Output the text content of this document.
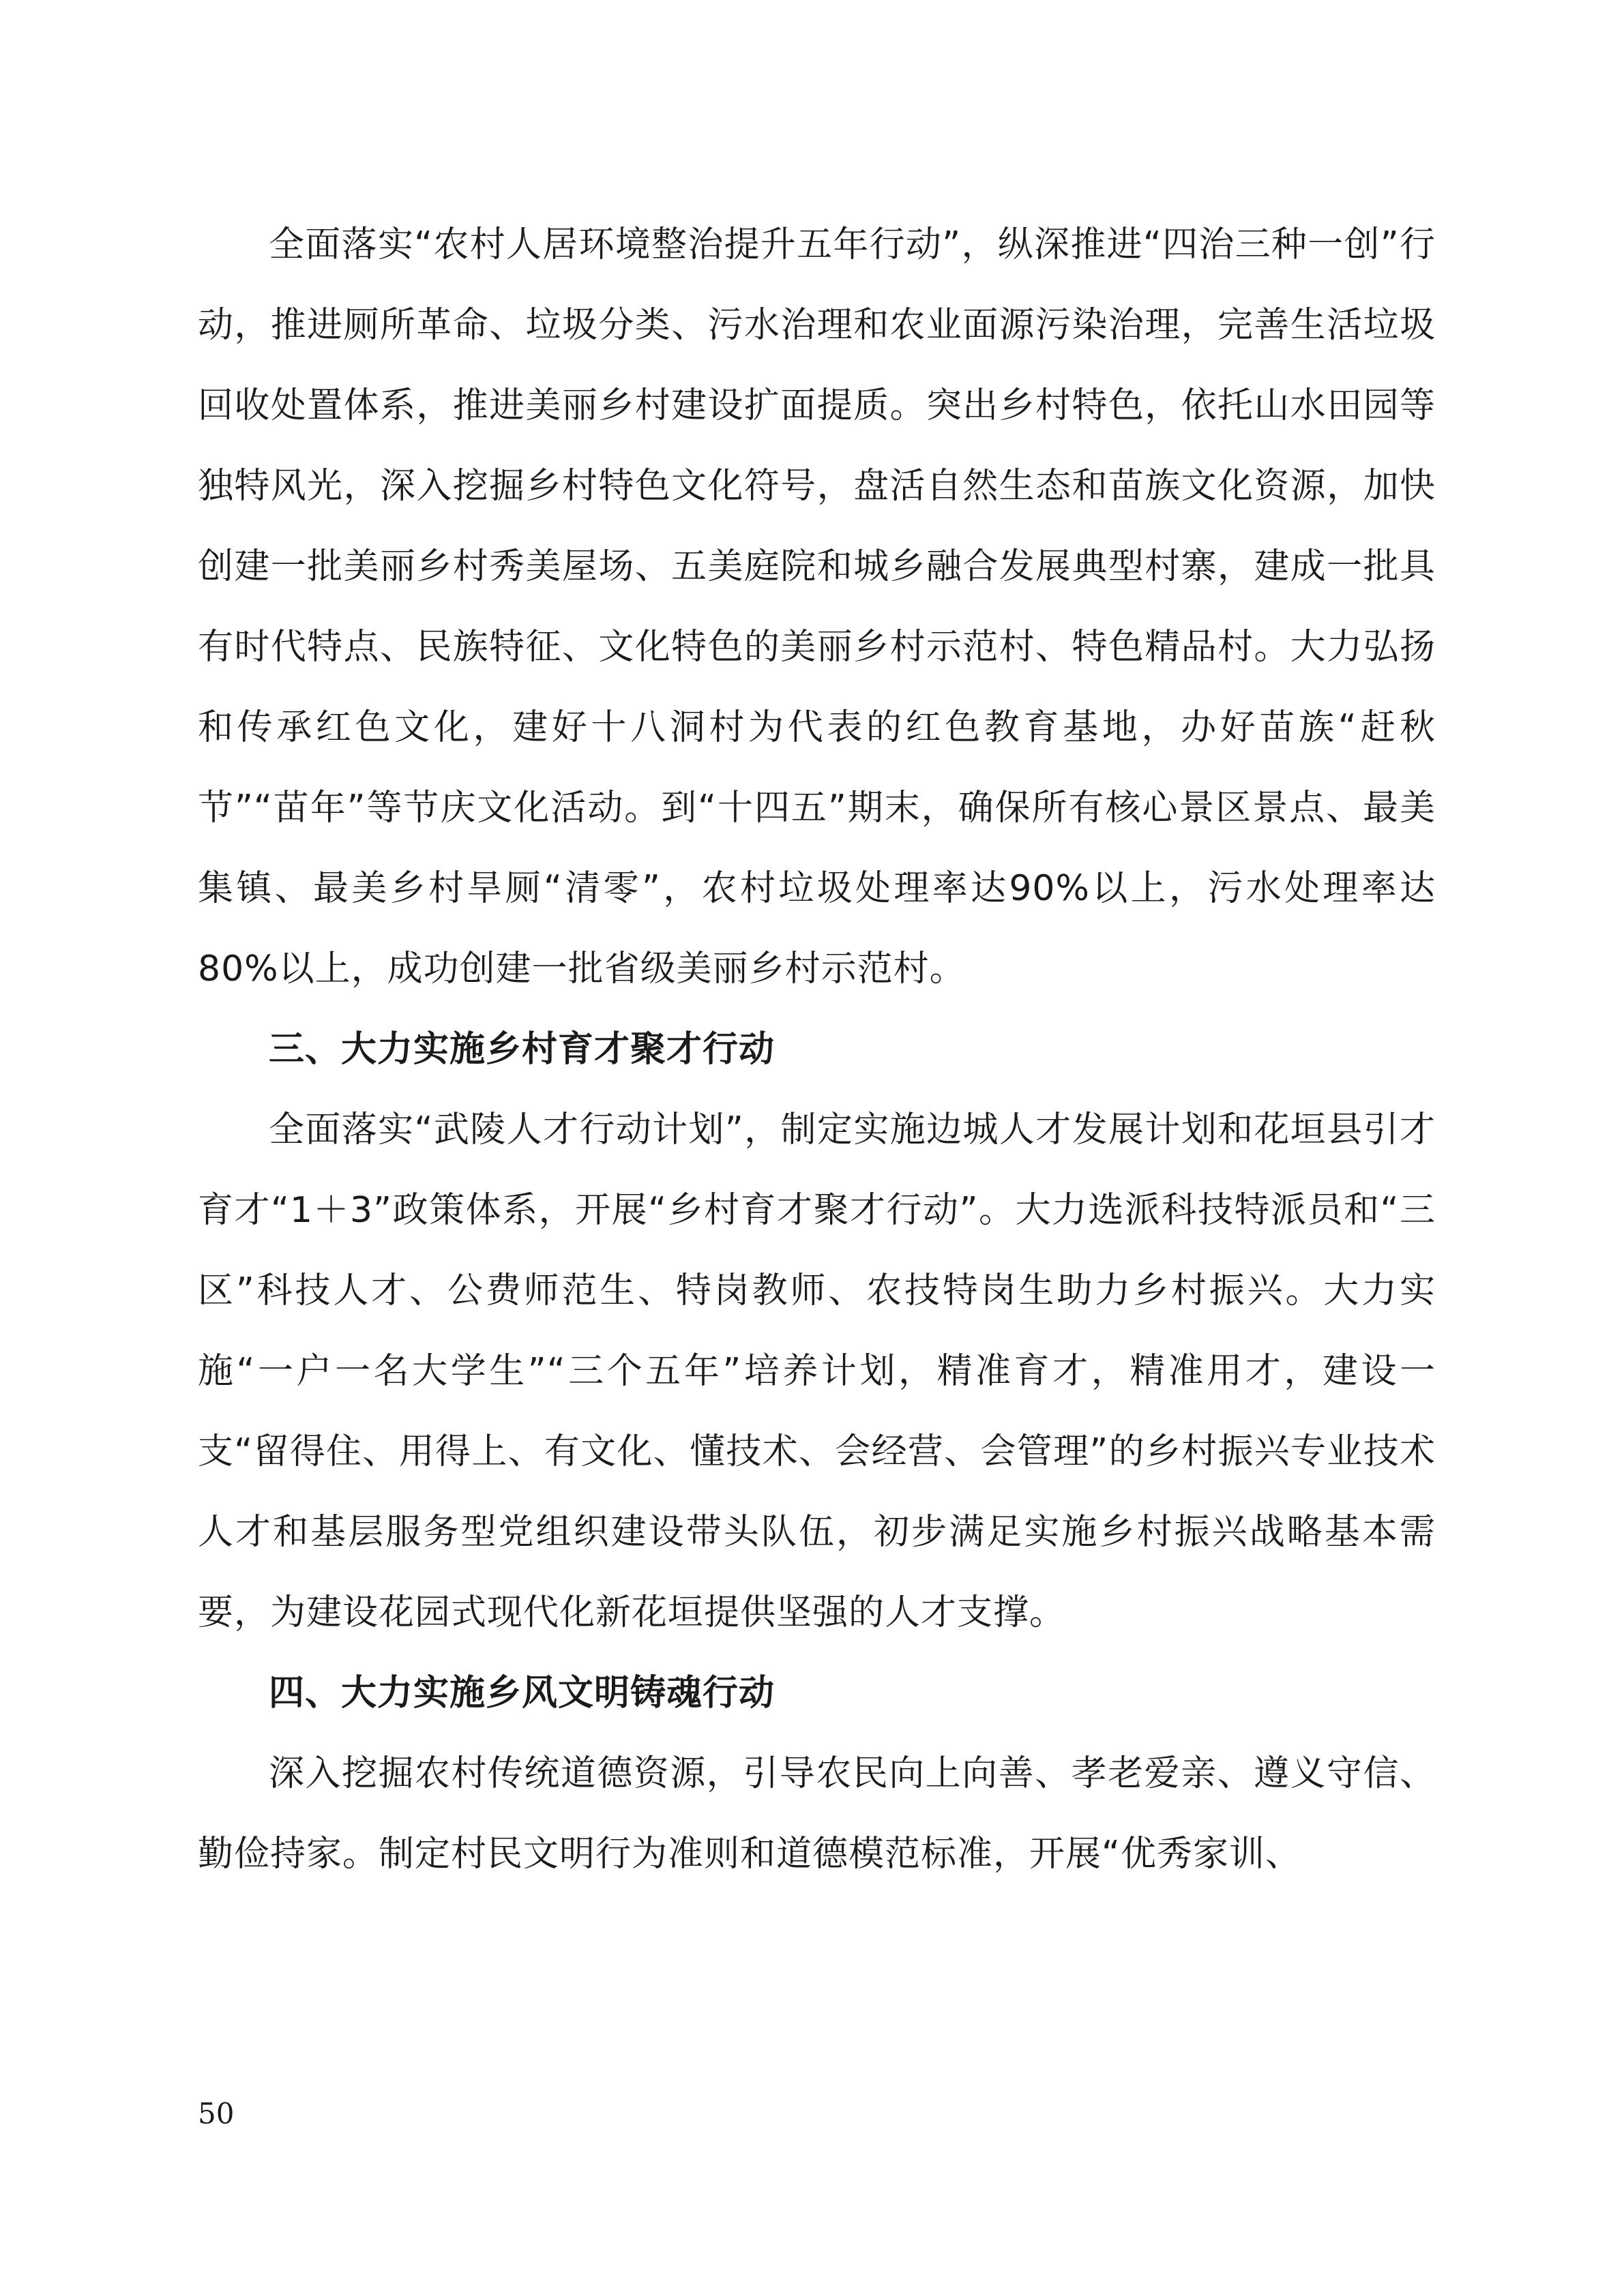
全面落实“农村人居环境整治提升五年行动”，纵深推进“四治三种一创”行动，推进厕所革命、垃圾分类、污水治理和农业面源污染治理，完善生活垃圾回收处置体系，推进美丽乡村建设扩面提质。突出乡村特色，依托山水田园等独特风光，深入挖掘乡村特色文化符号，盘活自然生态和苗族文化资源，加快创建一批美丽乡村秀美屋场、五美庭院和城乡融合发展典型村寨，建成一批具有时代特点、民族特征、文化特色的美丽乡村示范村、特色精品村。大力弘扬和传承红色文化，建好十八洞村为代表的红色教育基地，办好苗族“赶秋节”“苗年”等节庆文化活动。到“十四五”期末，确保所有核心景区景点、最美集镇、最美乡村旱厕“清零”，农村垃圾处理率达90%以上，污水处理率达80%以上，成功创建一批省级美丽乡村示范村。

三、大力实施乡村育才聚才行动

全面落实“武陵人才行动计划”，制定实施边城人才发展计划和花垣县引才育才“1＋3”政策体系，开展“乡村育才聚才行动”。大力选派科技特派员和“三区”科技人才、公费师范生、特岗教师、农技特岗生助力乡村振兴。大力实施“一户一名大学生”“三个五年”培养计划，精准育才，精准用才，建设一支“留得住、用得上、有文化、懂技术、会经营、会管理”的乡村振兴专业技术人才和基层服务型党组织建设带头队伍，初步满足实施乡村振兴战略基本需要，为建设花园式现代化新花垣提供坚强的人才支撑。

四、大力实施乡风文明铸魂行动

深入挖掘农村传统道德资源，引导农民向上向善、孝老爱亲、遵义守信、勤俭持家。制定村民文明行为准则和道德模范标准，开展“优秀家训、

50
